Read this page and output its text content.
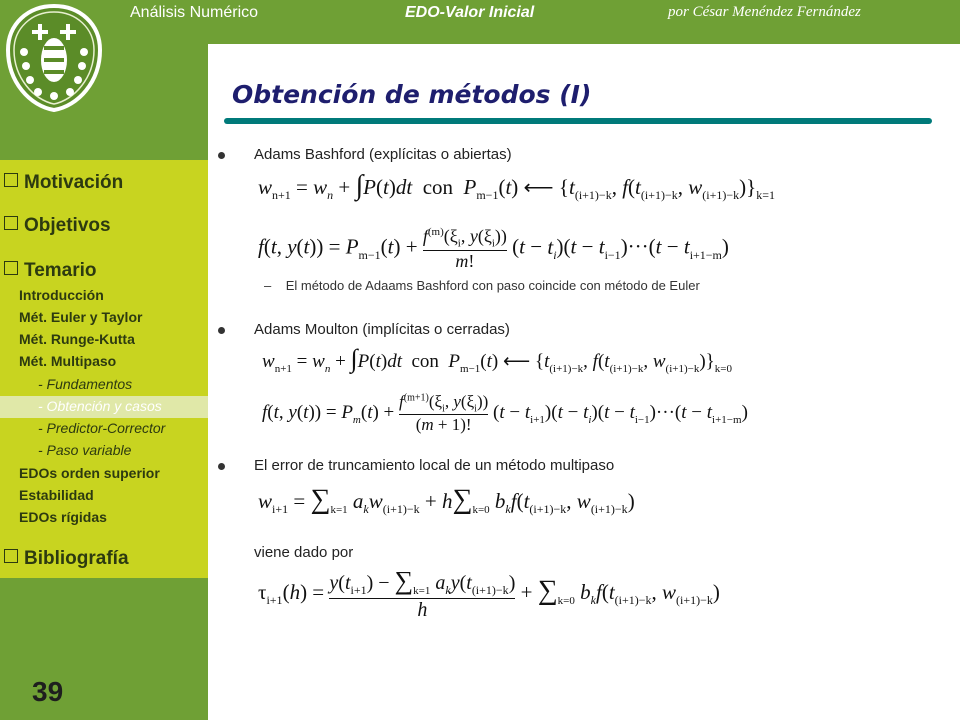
Análisis Numérico	EDO-Valor Inicial	por César Menéndez Fernández
Obtención de métodos (I)
Motivación
Objetivos
Temario
Introducción
Mét. Euler y Taylor
Mét. Runge-Kutta
Mét. Multipaso
- Fundamentos
- Obtención y casos
- Predictor-Corrector
- Paso variable
EDOs orden superior
Estabilidad
EDOs rígidas
Bibliografía
39
Adams Bashford (explícitas o abiertas)
$w_{n+1} = w_n + \int P(t)dt$  con  $P_{m-1}(t)$ ⟵ {$t_{(i+1)-k}$, $f(t_{(i+1)-k}$, $w_{(i+1)-k})\}_{k=1}$
f(t, $y(t)) = P_{m-1}(t) + \frac{f^{(m)}(\xi_i, y(\xi_i))}{m!} (t - t_i)(t - t_{i-1})\cdot\cdot\cdot(t - t_{i+1-m})$
–    El método de Adaams Bashford con paso coincide con método de Euler
Adams Moulton (implícitas o cerradas)
$w_{n+1} = w_n + \int P(t)dt$  con  $P_{m-1}(t)$ ⟵ {$t_{(i+1)-k}$, $f(t_{(i+1)-k}$, $w_{(i+1)-k})\}_{k=0}$
f(t, $y(t)) = P_m(t) + \frac{f^{(m+1)}(\xi_i, y(\xi_i))}{(m + 1)!} (t - t_{i+1})(t - t_i)(t - t_{i-1})\cdot\cdot\cdot(t - t_{i+1-m})$
El error de truncamiento local de un método multipaso
$w_{i+1} = \sum_{k=1}$ $a_kw_{(i+1)-k} + h\sum_{k=0}$ $b_kf(t_{(i+1)-k}$, $w_{(i+1)-k}$)
viene dado por
$\tau_{i+1}(h) = y(t_{i+1}) - \sum_{k=1}$ $a_ky(t_{(i+1)-k})$
h
+ $\sum_{k=0}$ $b_kf(t_{(i+1)-k}$, $w_{(i+1)-k}$)
